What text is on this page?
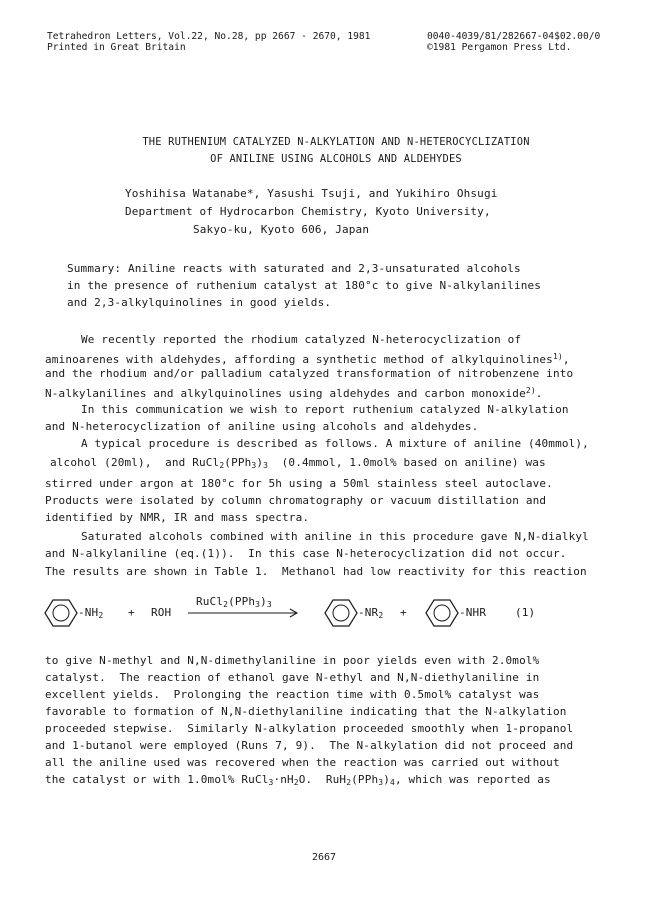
Tetrahedron Letters, Vol.22, No.28, pp 2667 - 2670, 1981
Printed in Great Britain
0040-4039/81/282667-04$02.00/0
©1981 Pergamon Press Ltd.
THE RUTHENIUM CATALYZED N-ALKYLATION AND N-HETEROCYCLIZATION
OF ANILINE USING ALCOHOLS AND ALDEHYDES
Yoshihisa Watanabe*, Yasushi Tsuji, and Yukihiro Ohsugi
Department of Hydrocarbon Chemistry, Kyoto University,
Sakyo-ku, Kyoto 606, Japan
Summary: Aniline reacts with saturated and 2,3-unsaturated alcohols
in the presence of ruthenium catalyst at 180°c to give N-alkylanilines
and 2,3-alkylquinolines in good yields.
We recently reported the rhodium catalyzed N-heterocyclization of
aminoarenes with aldehydes, affording a synthetic method of alkylquinolines$^{1)}$,
and the rhodium and/or palladium catalyzed transformation of nitrobenzene into
N-alkylanilines and alkylquinolines using aldehydes and carbon monoxide$^{2)}$.
In this communication we wish to report ruthenium catalyzed N-alkylation
and N-heterocyclization of aniline using alcohols and aldehydes.
A typical procedure is described as follows. A mixture of aniline (40mmol),
alcohol (20ml),  and $RuCl_2(PPh_3)_3$  (0.4mmol, 1.0mol% based on aniline) was
stirred under argon at 180°c for 5h using a 50ml stainless steel autoclave.
Products were isolated by column chromatography or vacuum distillation and
identified by NMR, IR and mass spectra.
Saturated alcohols combined with aniline in this procedure gave N,N-dialkyl
and N-alkylaniline (eq.(1)).  In this case N-heterocyclization did not occur.
The results are shown in Table 1.  Methanol had low reactivity for this reaction
$-NH_2$ + ROH
$RuCl_2(PPh_3)_3$
$-NR_2$ +	-NHR	(1)
to give N-methyl and N,N-dimethylaniline in poor yields even with 2.0mol%
catalyst.  The reaction of ethanol gave N-ethyl and N,N-diethylaniline in
excellent yields.  Prolonging the reaction time with 0.5mol% catalyst was
favorable to formation of N,N-diethylaniline indicating that the N-alkylation
proceeded stepwise.  Similarly N-alkylation proceeded smoothly when 1-propanol
and 1-butanol were employed (Runs 7, 9).  The N-alkylation did not proceed and
all the aniline used was recovered when the reaction was carried out without
the catalyst or with 1.0mol% $RuCl_3\cdot nH_2O$.  $RuH_2(PPh_3)_4$, which was reported as
2667
